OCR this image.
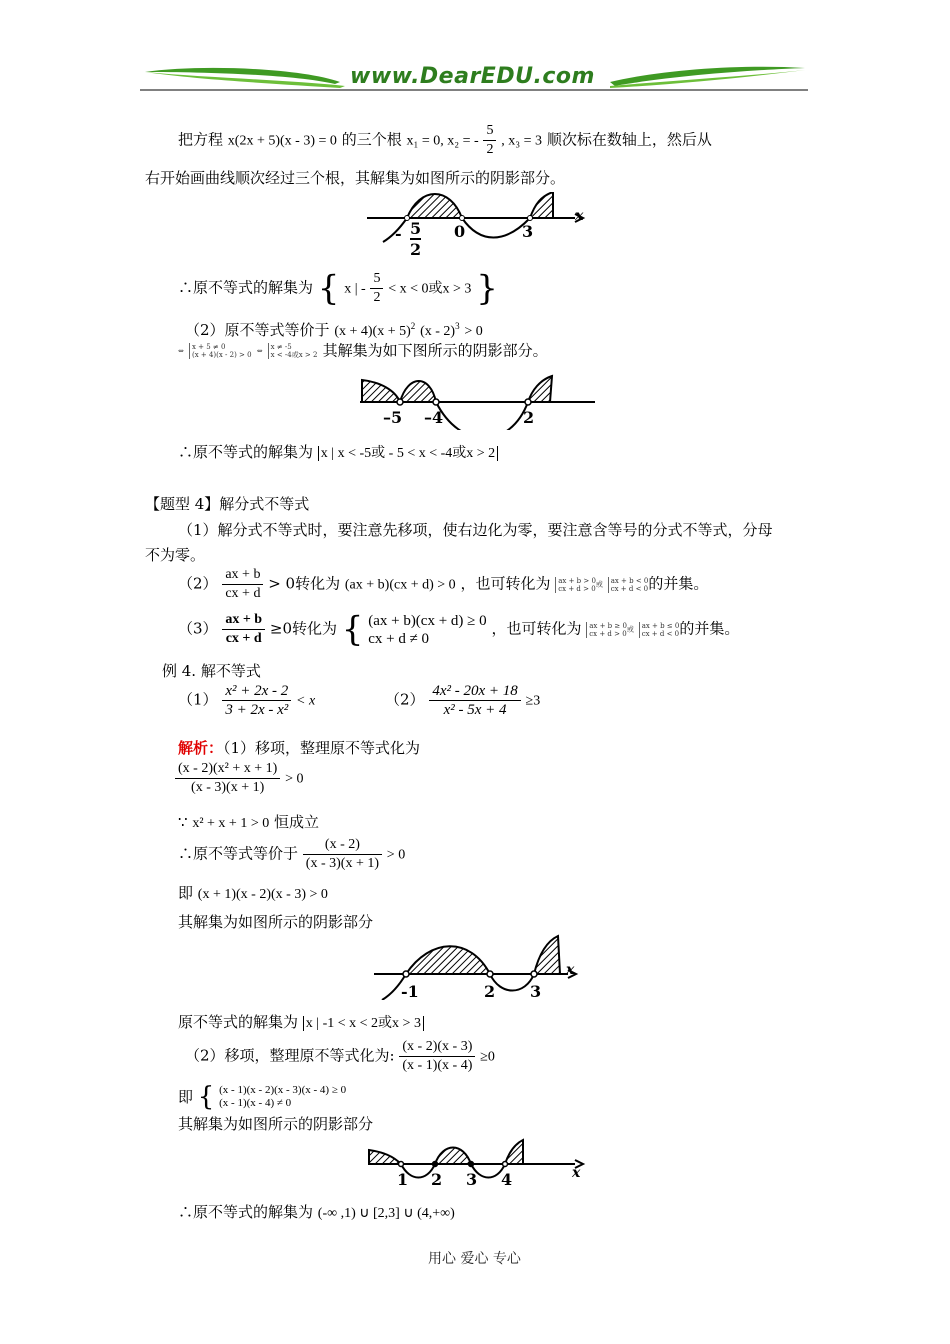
www.DearEDU.com
把方程 x(2x + 5)(x - 3) = 0 的三个根 x₁ = 0, x₂ = - $\frac{5}{2}$ , x₃ = 3 顺次标在数轴上，然后从
右开始画曲线顺次经过三个根，其解集为如图所示的阴影部分。
- 5
2
0	3
x
∴原不等式的解集为 { x | - $\frac{5}{2} < x < 0$或x > 3 }
（2）原不等式等价于 $(x + 4)(x + 5)^2$ (x - 2)$^3$ > 0
⇔ x + 5 ≠ 0
(x + 4)(x - 2) > 0 ⇔ x ≠ -5
x < -4或x > 2 其解集为如下图所示的阴影部分。
–5 –4	2
∴原不等式的解集为 x | x < -5或 - 5 < x < -4或x > 2
【题型 4】解分式不等式
（1）解分式不等式时，要注意先移项，使右边化为零，要注意含等号的分式不等式，分母
不为零。
$(2) \frac{ax + b}{cx + d} > 0$转化为 (ax + b)(cx + d) > 0 ，也可转化为 ax + b > 0
cx + d > 0 或 ax + b < 0
cx + d < 0 的并集。
$(3) \frac{ax + b}{cx + d} \ge 0$转化为 { (ax + b)(cx + d) ≥ 0
cx + d ≠ 0
，也可转化为 ax + b ≥ 0
cx + d > 0 或 ax + b ≤ 0
cx + d < 0 的并集。
例 4. 解不等式
$(1) \frac{\text{x² + 2x - 2}}{\text{3 + 2x - x²}} < x$	$(2) \frac{\text{4x² - 20x + 18}}{\text{x² - 5x + 4}} \ge 3$
解析：（1）移项，整理原不等式化为
$\frac{\text{(x - 2)(x² + x + 1)}}{(x - 3)(x + 1)} > 0$
∵ x² + x + 1 > 0 恒成立
∴原不等式等价于 $\frac{(x - 2)}{(x - 3)(x + 1)} > 0$
即 (x + 1)(x - 2)(x - 3) > 0
其解集为如图所示的阴影部分
-1	2 3
x
原不等式的解集为 x | -1 < x < 2或x > 3
（2）移项，整理原不等式化为: $\frac{(x - 2)(x - 3)}{(x - 1)(x - 4)} \ge 0$
即 { (x - 1)(x - 2)(x - 3)(x - 4) ≥ 0
(x - 1)(x - 4) ≠ 0
其解集为如图所示的阴影部分
1 2 3 4	x
∴原不等式的解集为 (-∞ ,1) ∪ [2,3] ∪ (4,+∞)
用心 爱心 专心
